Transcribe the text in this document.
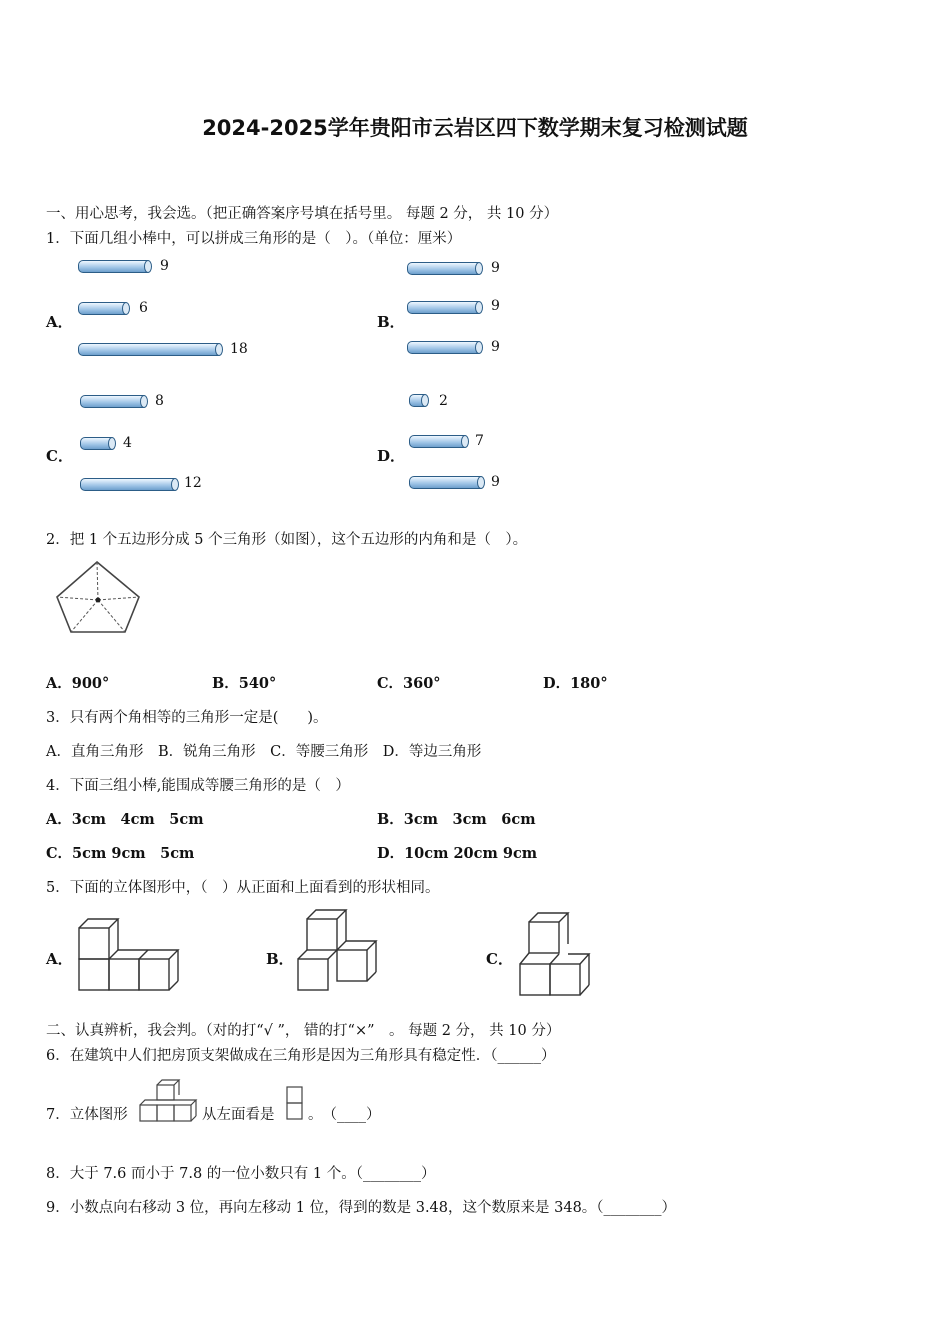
2024-2025学年贵阳市云岩区四下数学期末复习检测试题
一、用心思考，我会选。（把正确答案序号填在括号里。 每题 2 分， 共 10 分）
1．下面几组小棒中，可以拼成三角形的是（　）。（单位：厘米）
A．
9
6
18
B．
9
9
9
C．
8
4
12
D．
2
7
9
2．把 1 个五边形分成 5 个三角形（如图），这个五边形的内角和是（　）。
A．900°	B．540°	C．360°	D．180°
3．只有两个角相等的三角形一定是(　　)。
A．直角三角形　B．锐角三角形　C．等腰三角形　D．等边三角形
4．下面三组小棒,能围成等腰三角形的是（　）
A．3cm　4cm　5cm	B．3cm　3cm　6cm
C．5cm 9cm　5cm	D．10cm 20cm 9cm
5．下面的立体图形中，（　）从正面和上面看到的形状相同。
A．	B．	C．
二、认真辨析，我会判。（对的打“√ ”， 错的打“×”　。 每题 2 分， 共 10 分）
6．在建筑中人们把房顶支架做成在三角形是因为三角形具有稳定性．（______）
7．立体图形	从左面看是 。　（____）
8．大于 7.6 而小于 7.8 的一位小数只有 1 个。（________）
9．小数点向右移动 3 位，再向左移动 1 位，得到的数是 3.48，这个数原来是 348。（________）
